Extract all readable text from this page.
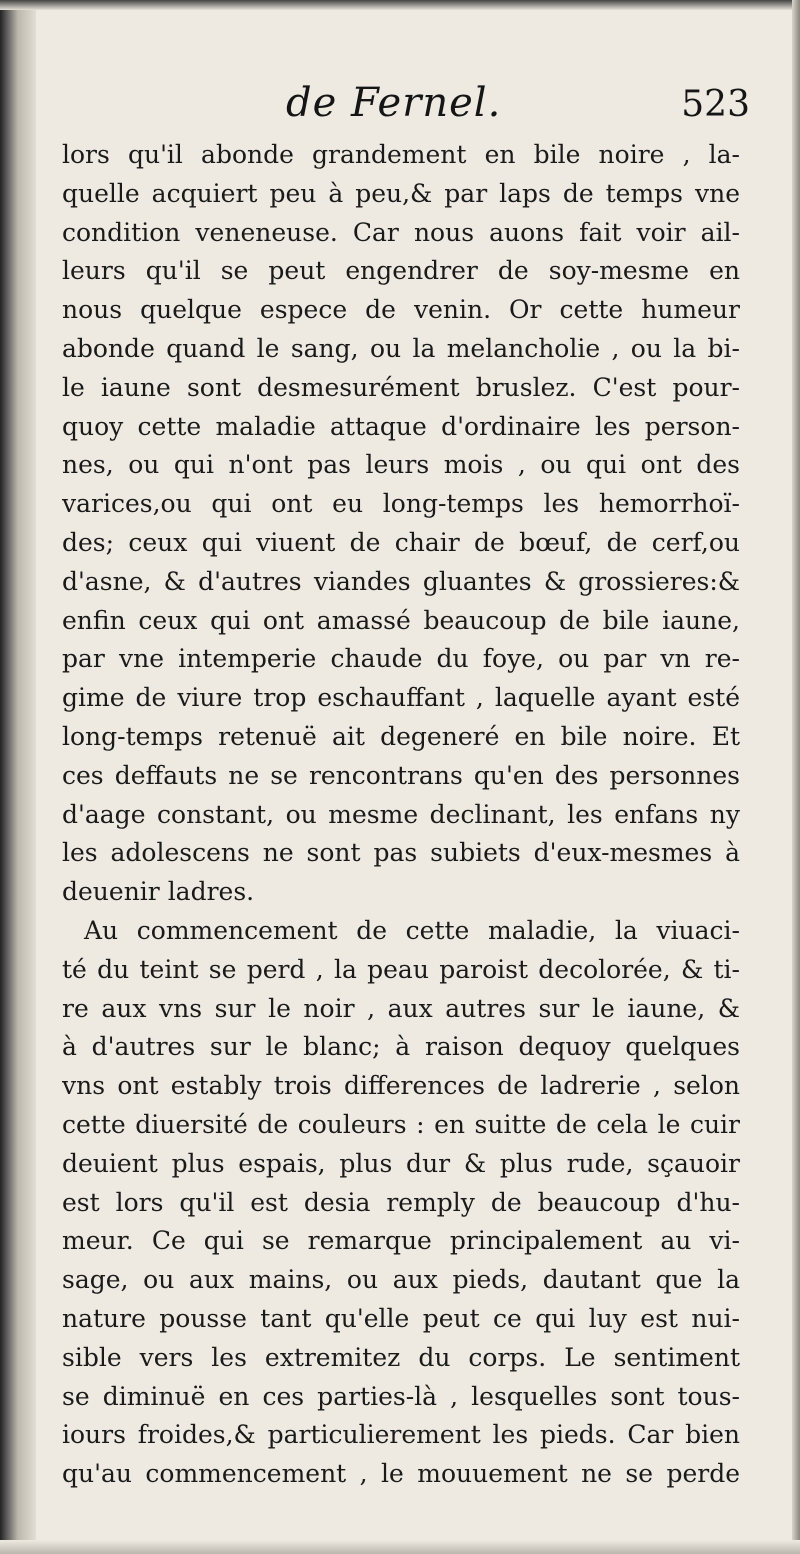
de Fernel.	523
lors qu'il abonde grandement en bile noire , la-
quelle acquiert peu à peu,& par laps de temps vne
condition veneneuse. Car nous auons fait voir ail-
leurs qu'il se peut engendrer de soy-mesme en
nous quelque espece de venin. Or cette humeur
abonde quand le sang, ou la melancholie , ou la bi-
le iaune sont desmesurément bruslez. C'est pour-
quoy cette maladie attaque d'ordinaire les person-
nes, ou qui n'ont pas leurs mois , ou qui ont des
varices,ou qui ont eu long-temps les hemorrhoï-
des; ceux qui viuent de chair de bœuf, de cerf,ou
d'asne, & d'autres viandes gluantes & grossieres:&
enfin ceux qui ont amassé beaucoup de bile iaune,
par vne intemperie chaude du foye, ou par vn re-
gime de viure trop eschauffant , laquelle ayant esté
long-temps retenuë ait degeneré en bile noire. Et
ces deffauts ne se rencontrans qu'en des personnes
d'aage constant, ou mesme declinant, les enfans ny
les adolescens ne sont pas subiets d'eux-mesmes à
deuenir ladres.
Au commencement de cette maladie, la viuaci-
té du teint se perd , la peau paroist decolorée, & ti-
re aux vns sur le noir , aux autres sur le iaune, &
à d'autres sur le blanc; à raison dequoy quelques
vns ont estably trois differences de ladrerie , selon
cette diuersité de couleurs : en suitte de cela le cuir
deuient plus espais, plus dur & plus rude, sçauoir
est lors qu'il est desia remply de beaucoup d'hu-
meur. Ce qui se remarque principalement au vi-
sage, ou aux mains, ou aux pieds, dautant que la
nature pousse tant qu'elle peut ce qui luy est nui-
sible vers les extremitez du corps. Le sentiment
se diminuë en ces parties-là , lesquelles sont tous-
iours froides,& particulierement les pieds. Car bien
qu'au commencement , le mouuement ne se perde
